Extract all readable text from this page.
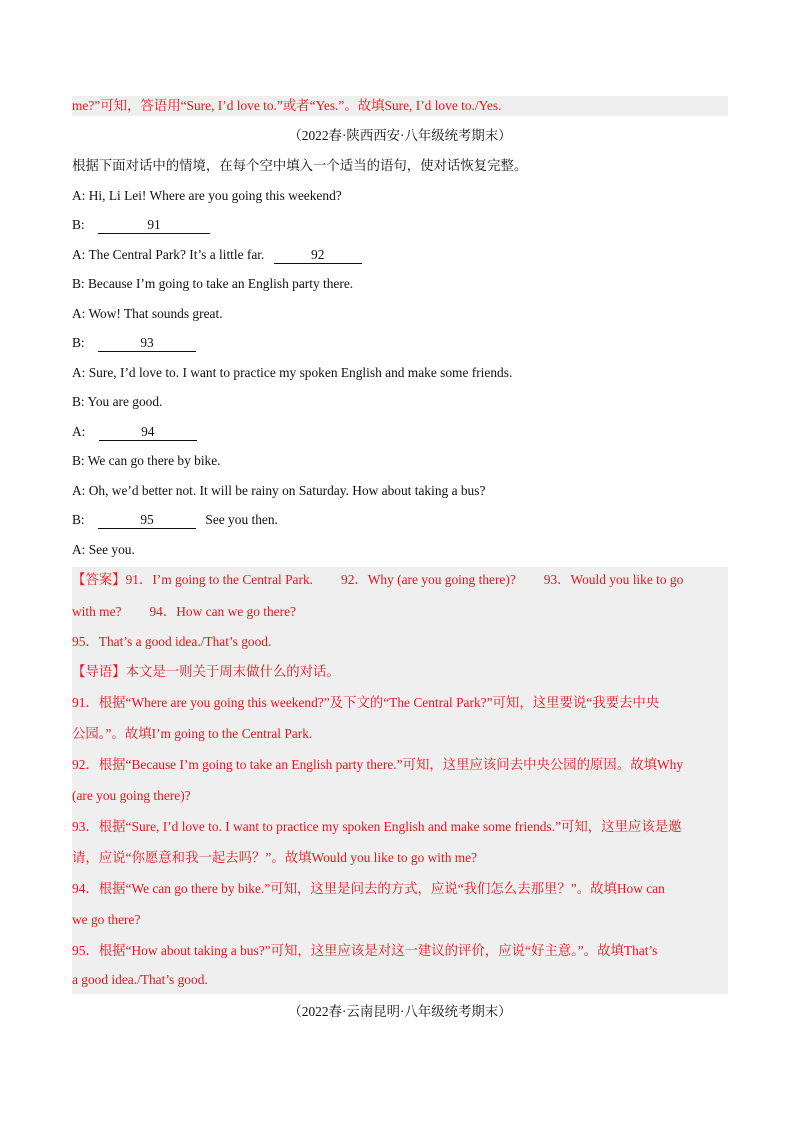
me?”可知，答语用“Sure, I’d love to.”或者“Yes.”。故填Sure, I’d love to./Yes.
（2022春·陕西西安·八年级统考期末）
根据下面对话中的情境，在每个空中填入一个适当的语句，使对话恢复完整。
A: Hi, Li Lei! Where are you going this weekend?
B:	91
A: The Central Park? It’s a little far.	92
B: Because I’m going to take an English party there.
A: Wow! That sounds great.
B:	93
A: Sure, I’d love to. I want to practice my spoken English and make some friends.
B: You are good.
A:	94
B: We can go there by bike.
A: Oh, we’d better not. It will be rainy on Saturday. How about taking a bus?
B:	95	See you then.
A: See you.
【答案】91．I’m going to the Central Park. 92．Why (are you going there)? 93．Would you like to go
with me? 94．How can we go there?
95．That’s a good idea./That’s good.
【导语】本文是一则关于周末做什么的对话。
91．根据“Where are you going this weekend?”及下文的“The Central Park?”可知，这里要说“我要去中央
公园。”。故填I’m going to the Central Park.
92．根据“Because I’m going to take an English party there.”可知，这里应该问去中央公园的原因。故填Why
(are you going there)?
93．根据“Sure, I’d love to. I want to practice my spoken English and make some friends.”可知，这里应该是邀
请，应说“你愿意和我一起去吗？”。故填Would you like to go with me?
94．根据“We can go there by bike.”可知，这里是问去的方式，应说“我们怎么去那里？”。故填How can
we go there?
95．根据“How about taking a bus?”可知，这里应该是对这一建议的评价，应说“好主意。”。故填That’s
a good idea./That’s good.
（2022春·云南昆明·八年级统考期末）
